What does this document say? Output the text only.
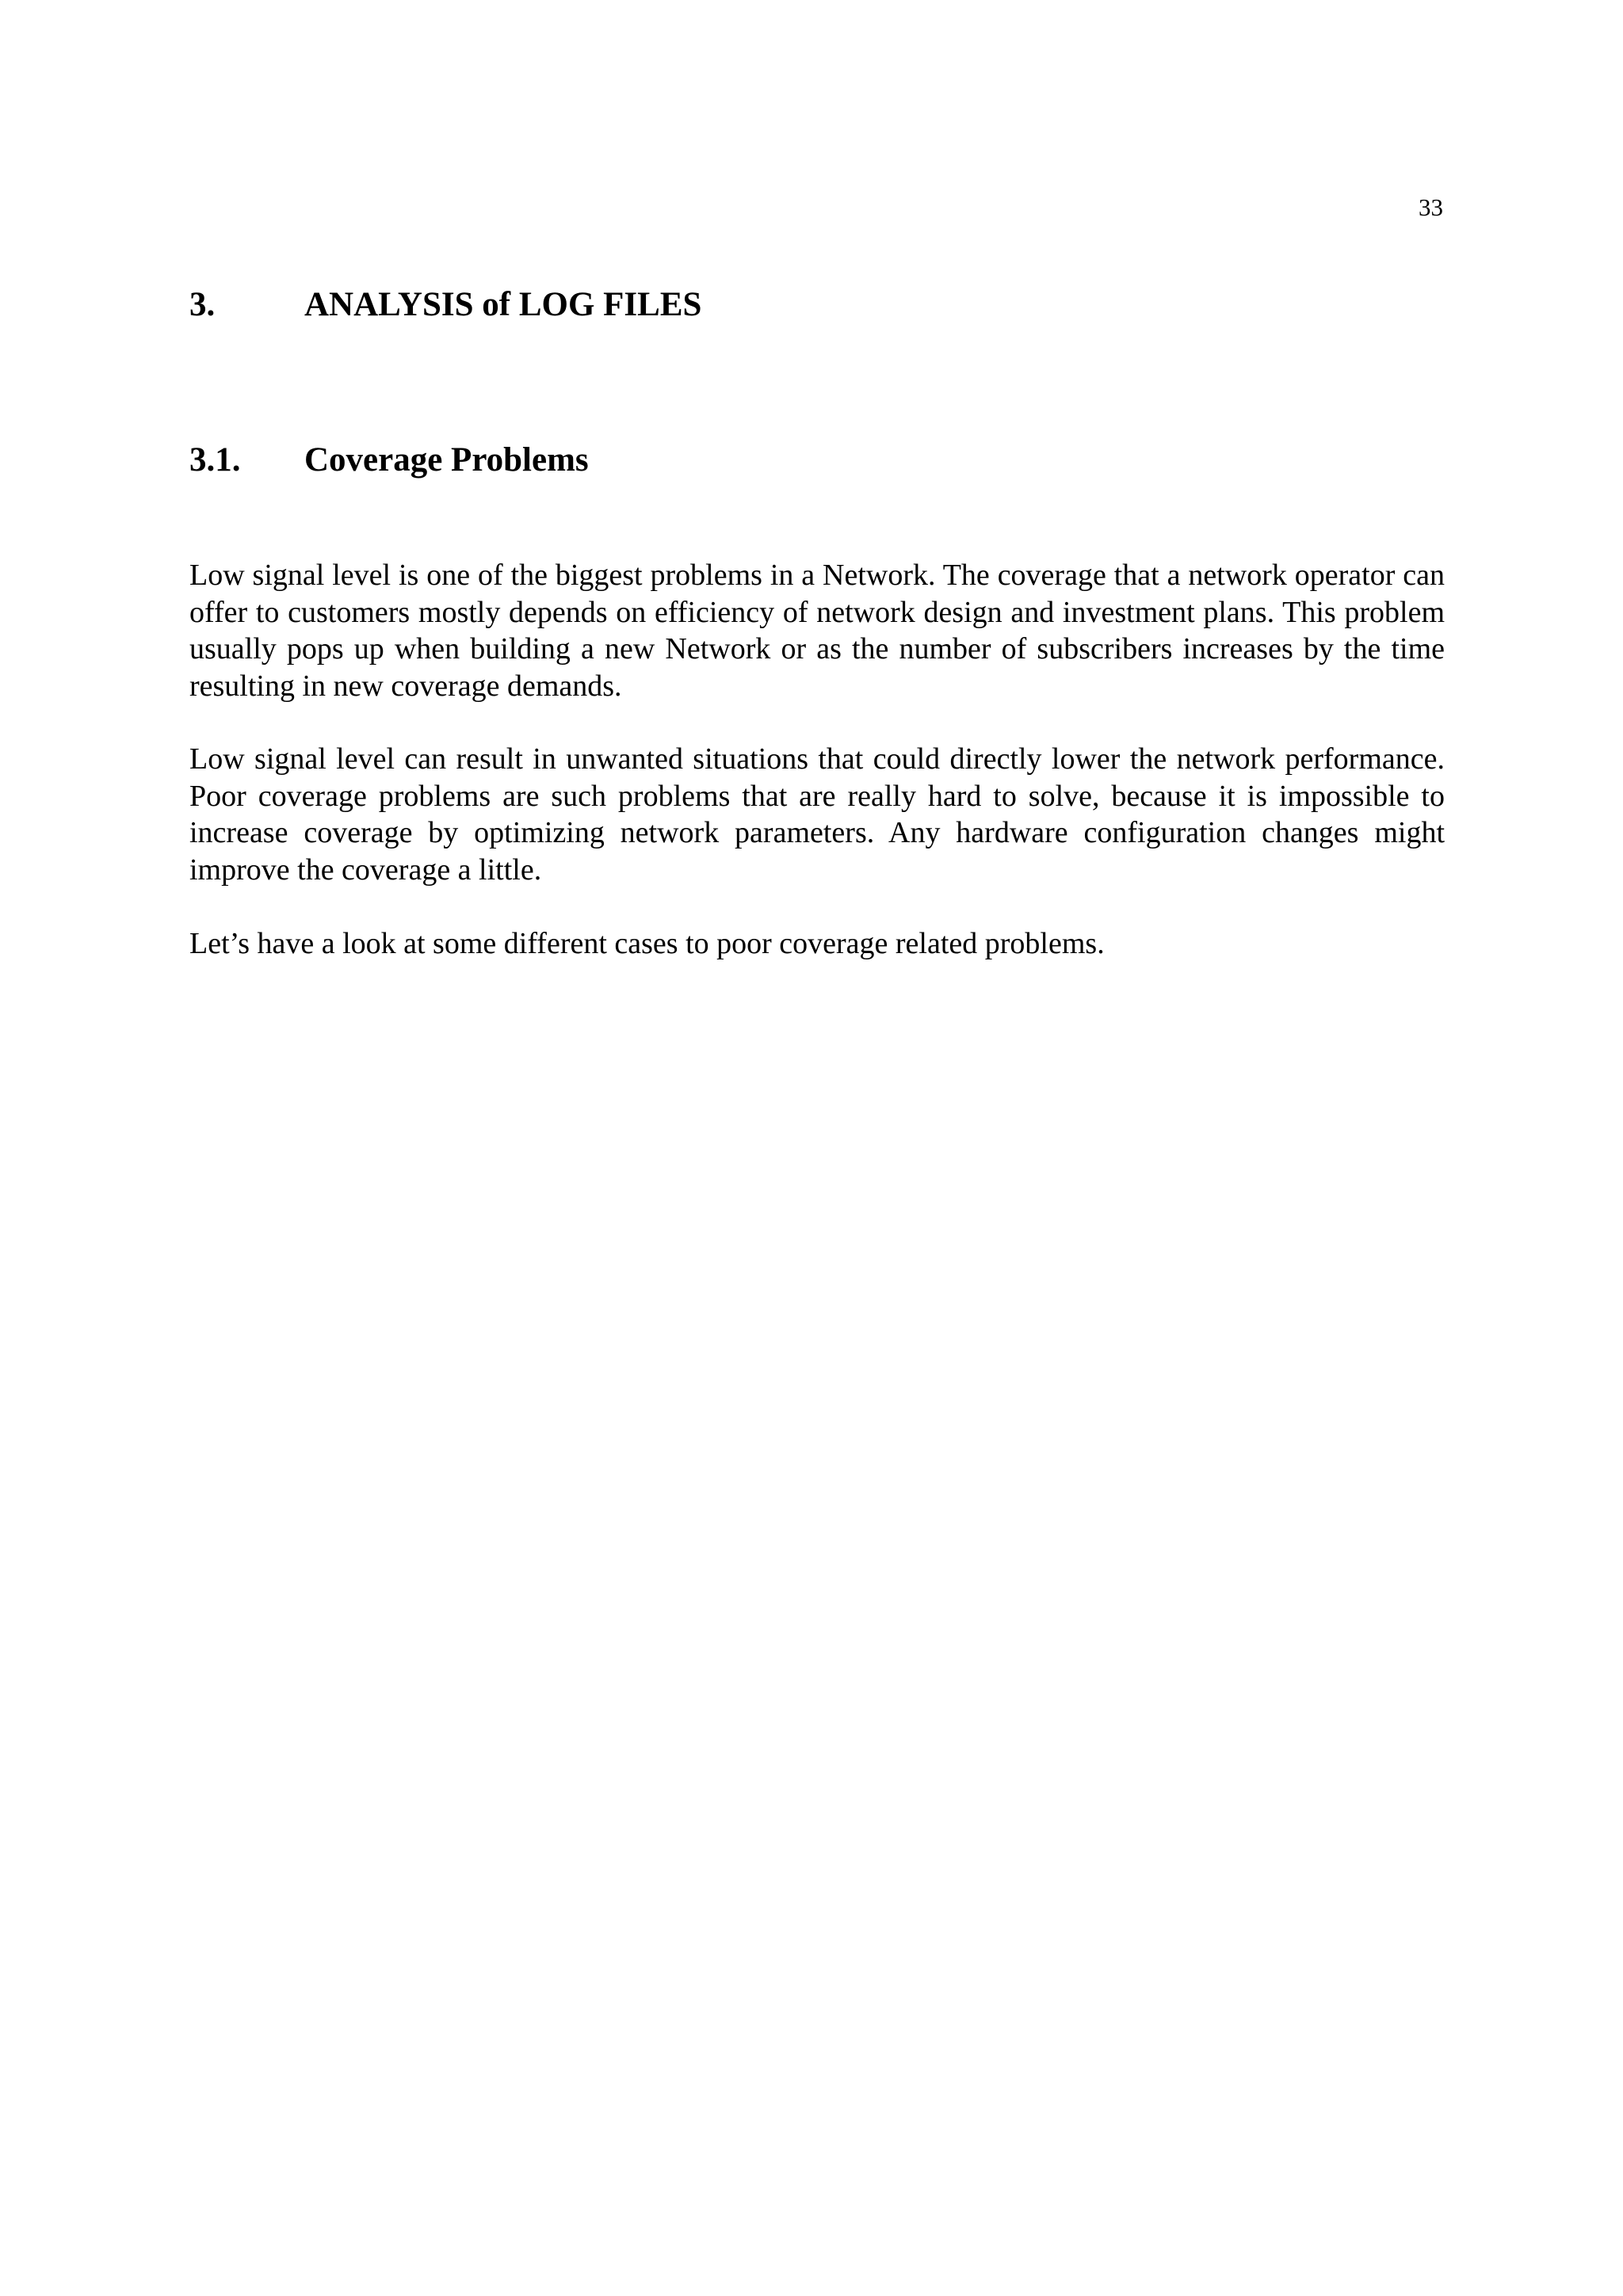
33
3.	ANALYSIS of LOG FILES
3.1.	Coverage Problems

Low signal level is one of the biggest problems in a Network. The coverage that a network operator can offer to customers mostly depends on efficiency of network design and investment plans. This problem usually pops up when building a new Network or as the number of subscribers increases by the time resulting in new coverage demands.

Low signal level can result in unwanted situations that could directly lower the network performance. Poor coverage problems are such problems that are really hard to solve, because it is impossible to increase coverage by optimizing network parameters. Any hardware configuration changes might improve the coverage a little.

Let’s have a look at some different cases to poor coverage related problems.
